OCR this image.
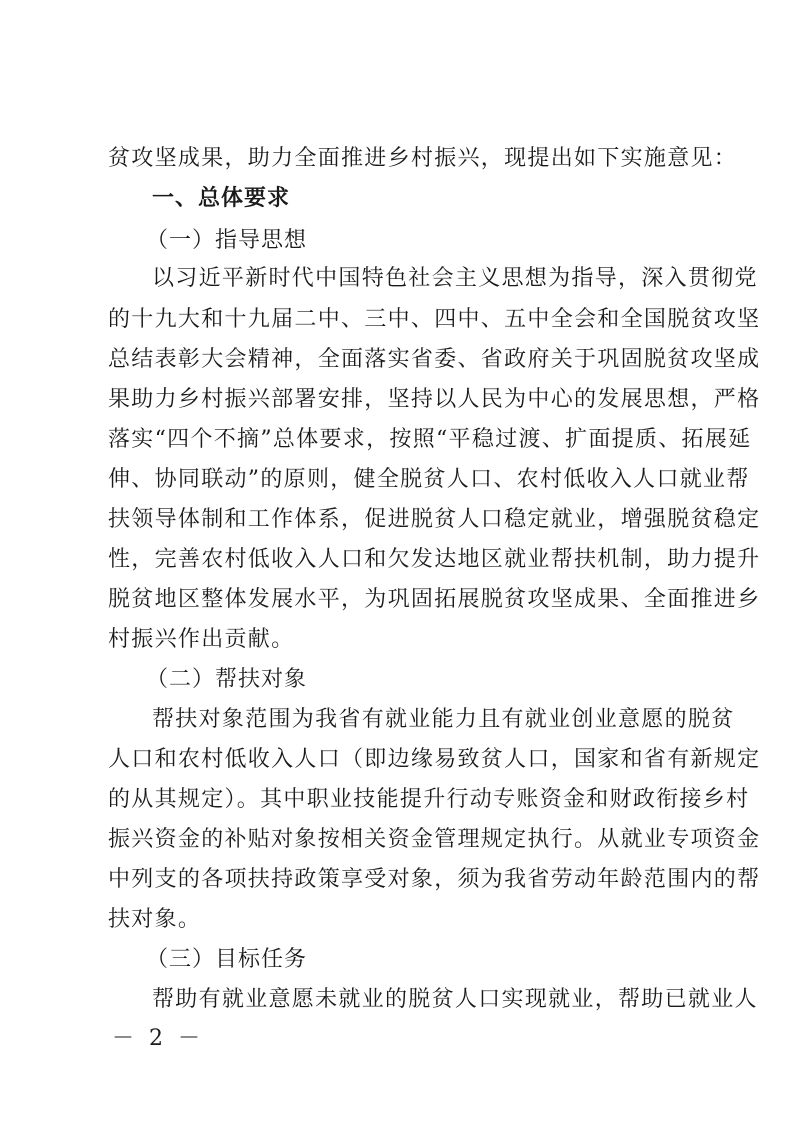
贫攻坚成果，助力全面推进乡村振兴，现提出如下实施意见：
一、总体要求
（一）指导思想
以习近平新时代中国特色社会主义思想为指导，深入贯彻党
的十九大和十九届二中、三中、四中、五中全会和全国脱贫攻坚
总结表彰大会精神，全面落实省委、省政府关于巩固脱贫攻坚成
果助力乡村振兴部署安排，坚持以人民为中心的发展思想，严格
落实“四个不摘”总体要求，按照“平稳过渡、扩面提质、拓展延
伸、协同联动”的原则，健全脱贫人口、农村低收入人口就业帮
扶领导体制和工作体系，促进脱贫人口稳定就业，增强脱贫稳定
性，完善农村低收入人口和欠发达地区就业帮扶机制，助力提升
脱贫地区整体发展水平，为巩固拓展脱贫攻坚成果、全面推进乡
村振兴作出贡献。
（二）帮扶对象
帮扶对象范围为我省有就业能力且有就业创业意愿的脱贫
人口和农村低收入人口（即边缘易致贫人口，国家和省有新规定
的从其规定）。其中职业技能提升行动专账资金和财政衔接乡村
振兴资金的补贴对象按相关资金管理规定执行。从就业专项资金
中列支的各项扶持政策享受对象，须为我省劳动年龄范围内的帮
扶对象。
（三）目标任务
帮助有就业意愿未就业的脱贫人口实现就业，帮助已就业人
－ 2 －
